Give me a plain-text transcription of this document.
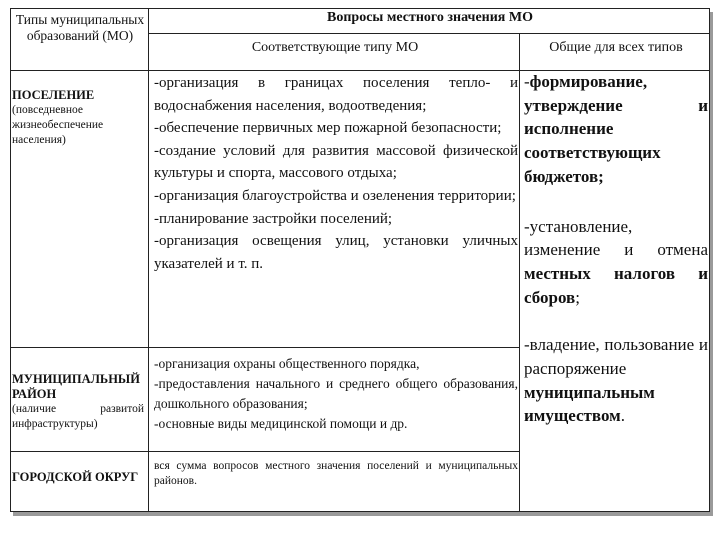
Типы муниципальных образований (МО)
Вопросы местного значения МО
Соответствующие типу МО	Общие для всех типов
ПОСЕЛЕНИЕ
(повседневное жизнеобеспечение населения)
-организация в границах поселения тепло- и водоснабжения населения, водоотведения;
-обеспечение первичных мер пожарной безопасности;
-создание условий для развития массовой физической культуры и спорта, массового отдыха;
-организация благоустройства и озеленения территории;
-планирование застройки поселений;
-организация освещения улиц, установки уличных указателей и т. п.
МУНИЦИПАЛЬНЫЙ РАЙОН
(наличие развитой инфраструктуры)
-организация охраны общественного порядка,
-предоставления начального и среднего общего образования, дошкольного образования;
-основные виды медицинской помощи и др.
ГОРОДСКОЙ ОКРУГ
вся сумма вопросов местного значения поселений и муниципальных районов.
-формирование, утверждение и исполнение соответствующих бюджетов;
-установление, изменение и отмена местных налогов и сборов;
-владение, пользование и распоряжение муниципальным имуществом.
